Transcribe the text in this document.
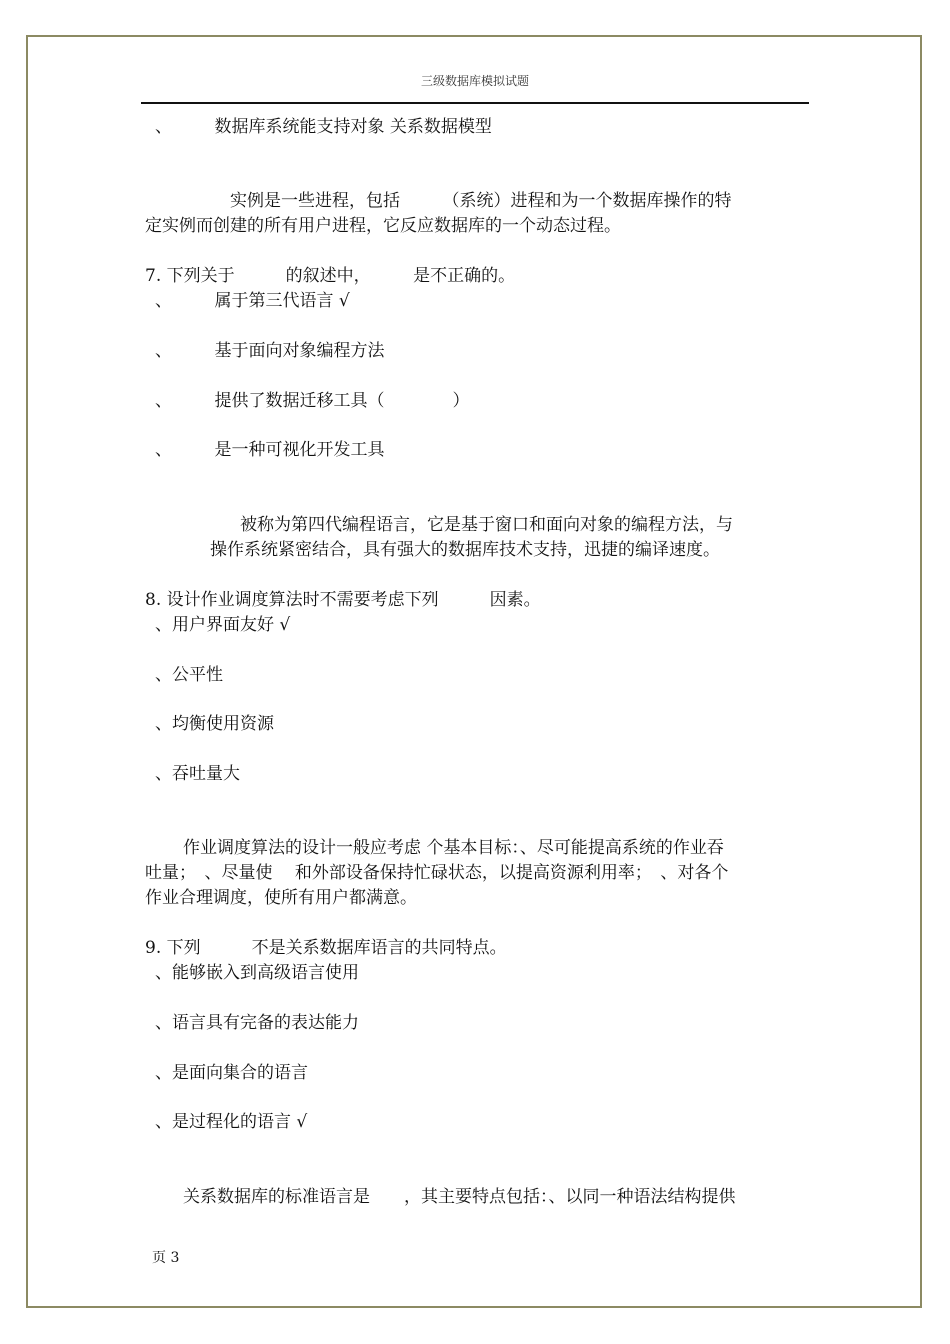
三级数据库模拟试题
、　　　数据库系统能支持对象 关系数据模型
实例是一些进程，包括　　　（系统）进程和为一个数据库操作的特
定实例而创建的所有用户进程，它反应数据库的一个动态过程。
7. 下列关于　　　的叙述中，　　　是不正确的。
、　　　属于第三代语言 √
、　　　基于面向对象编程方法
、　　　提供了数据迁移工具（　　　　）
、　　　是一种可视化开发工具
被称为第四代编程语言，它是基于窗口和面向对象的编程方法，与
操作系统紧密结合，具有强大的数据库技术支持，迅捷的编译速度。
8. 设计作业调度算法时不需要考虑下列　　　因素。
、用户界面友好 √
、公平性
、均衡使用资源
、吞吐量大
作业调度算法的设计一般应考虑 个基本目标：、尽可能提高系统的作业吞
吐量；　、尽量使　 和外部设备保持忙碌状态，以提高资源利用率；　、对各个
作业合理调度，使所有用户都满意。
9. 下列　　　不是关系数据库语言的共同特点。
、能够嵌入到高级语言使用
、语言具有完备的表达能力
、是面向集合的语言
、是过程化的语言 √
关系数据库的标准语言是　　，其主要特点包括：、以同一种语法结构提供
页 3
